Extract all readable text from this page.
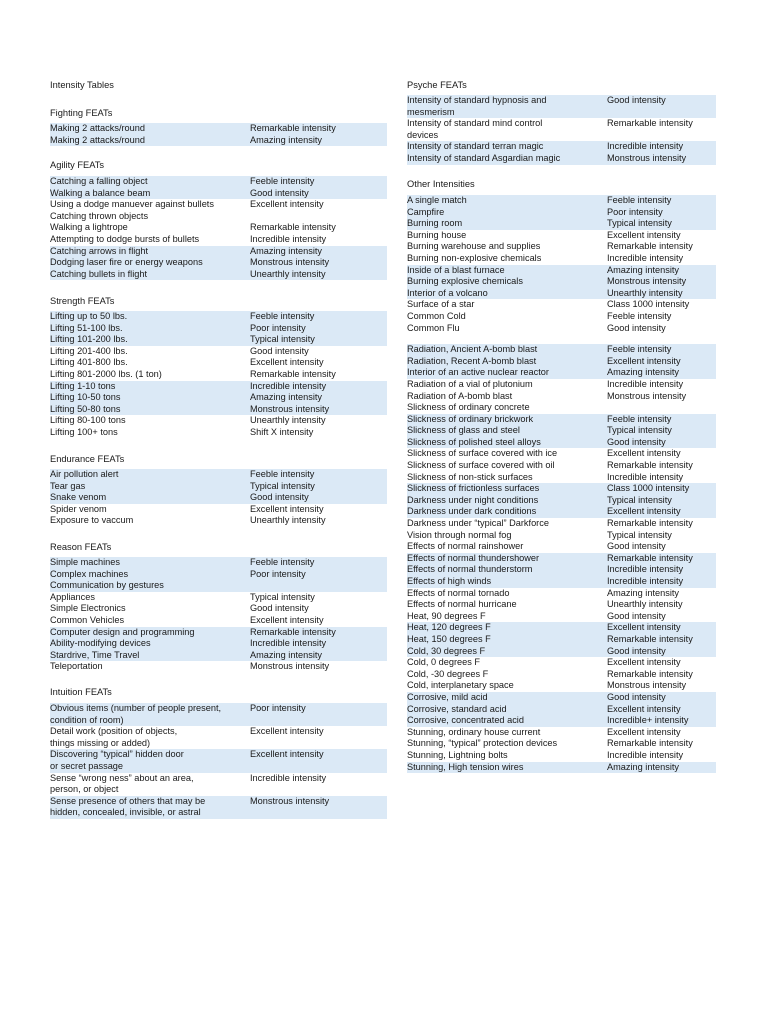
Intensity Tables
Fighting FEATs
Making 2 attacks/round	Remarkable intensity
Making 2 attacks/round	Amazing intensity
Agility FEATs
Catching a falling object	Feeble intensity
Walking a balance beam	Good intensity
Using a dodge manuever against bullets	Excellent intensity
Catching thrown objects
Walking a lightrope	Remarkable intensity
Attempting to dodge bursts of bullets	Incredible intensity
Catching arrows in flight	Amazing intensity
Dodging laser fire or energy weapons	Monstrous intensity
Catching bullets in flight	Unearthly intensity
Strength FEATs
Lifting up to 50 lbs.	Feeble intensity
Lifting 51-100 lbs.	Poor intensity
Lifting 101-200 lbs.	Typical intensity
Lifting 201-400 lbs.	Good intensity
Lifting 401-800 lbs.	Excellent intensity
Lifting 801-2000 lbs. (1 ton)	Remarkable intensity
Lifting 1-10 tons	Incredible intensity
Lifting 10-50 tons	Amazing intensity
Lifting 50-80 tons	Monstrous intensity
Lifting 80-100 tons	Unearthly intensity
Lifting 100+ tons	Shift X intensity
Endurance FEATs
Air pollution alert	Feeble intensity
Tear gas	Typical intensity
Snake venom	Good intensity
Spider venom	Excellent intensity
Exposure to vaccum	Unearthly intensity
Reason FEATs
Simple machines	Feeble intensity
Complex machines
Communication by gestures
Poor intensity
Appliances	Typical intensity
Simple Electronics	Good intensity
Common Vehicles	Excellent intensity
Computer design and programming	Remarkable intensity
Ability-modifying devices	Incredible intensity
Stardrive, Time Travel	Amazing intensity
Teleportation	Monstrous intensity
Intuition FEATs
Obvious items (number of people present,
condition of room)
Poor intensity
Detail work (position of objects,
things missing or added)
Excellent intensity
Discovering “typical” hidden door
or secret passage
Excellent intensity
Sense “wrong ness” about an area,
person, or object
Incredible intensity
Sense presence of others that may be
hidden, concealed, invisible, or astral
Monstrous intensity
Psyche FEATs
Intensity of standard hypnosis and
mesmerism
Good intensity
Intensity of standard mind control
devices
Remarkable intensity
Intensity of standard terran magic	Incredible intensity
Intensity of standard Asgardian magic	Monstrous intensity
Other Intensities
A single match	Feeble intensity
Campfire	Poor intensity
Burning room	Typical intensity
Burning house	Excellent intensity
Burning warehouse and supplies	Remarkable intensity
Burning non-explosive chemicals	Incredible intensity
Inside of a blast furnace	Amazing intensity
Burning explosive chemicals	Monstrous intensity
Interior of a volcano	Unearthly intensity
Surface of a star	Class 1000 intensity
Common Cold	Feeble intensity
Common Flu	Good intensity
Radiation, Ancient A-bomb blast	Feeble intensity
Radiation, Recent A-bomb blast	Excellent intensity
Interior of an active nuclear reactor	Amazing intensity
Radiation of a vial of plutonium	Incredible intensity
Radiation of A-bomb blast	Monstrous intensity
Slickness of ordinary concrete
Slickness of ordinary brickwork	Feeble intensity
Slickness of glass and steel	Typical intensity
Slickness of polished steel alloys	Good intensity
Slickness of surface covered with ice	Excellent intensity
Slickness of surface covered with oil	Remarkable intensity
Slickness of non-stick surfaces	Incredible intensity
Slickness of frictionless surfaces	Class 1000 intensity
Darkness under night conditions	Typical intensity
Darkness under dark conditions	Excellent intensity
Darkness under “typical” Darkforce	Remarkable intensity
Vision through normal fog	Typical intensity
Effects of normal rainshower	Good intensity
Effects of normal thundershower	Remarkable intensity
Effects of normal thunderstorm	Incredible intensity
Effects of high winds	Incredible intensity
Effects of normal tornado	Amazing intensity
Effects of normal hurricane	Unearthly intensity
Heat, 90 degrees F	Good intensity
Heat, 120 degrees F	Excellent intensity
Heat, 150 degrees F	Remarkable intensity
Cold, 30 degrees F	Good intensity
Cold, 0 degrees F	Excellent intensity
Cold, -30 degrees F	Remarkable intensity
Cold, interplanetary space	Monstrous intensity
Corrosive, mild acid	Good intensity
Corrosive, standard acid	Excellent intensity
Corrosive, concentrated acid	Incredible+ intensity
Stunning, ordinary house current	Excellent intensity
Stunning, “typical” protection devices	Remarkable intensity
Stunning, Lightning bolts	Incredible intensity
Stunning, High tension wires	Amazing intensity
